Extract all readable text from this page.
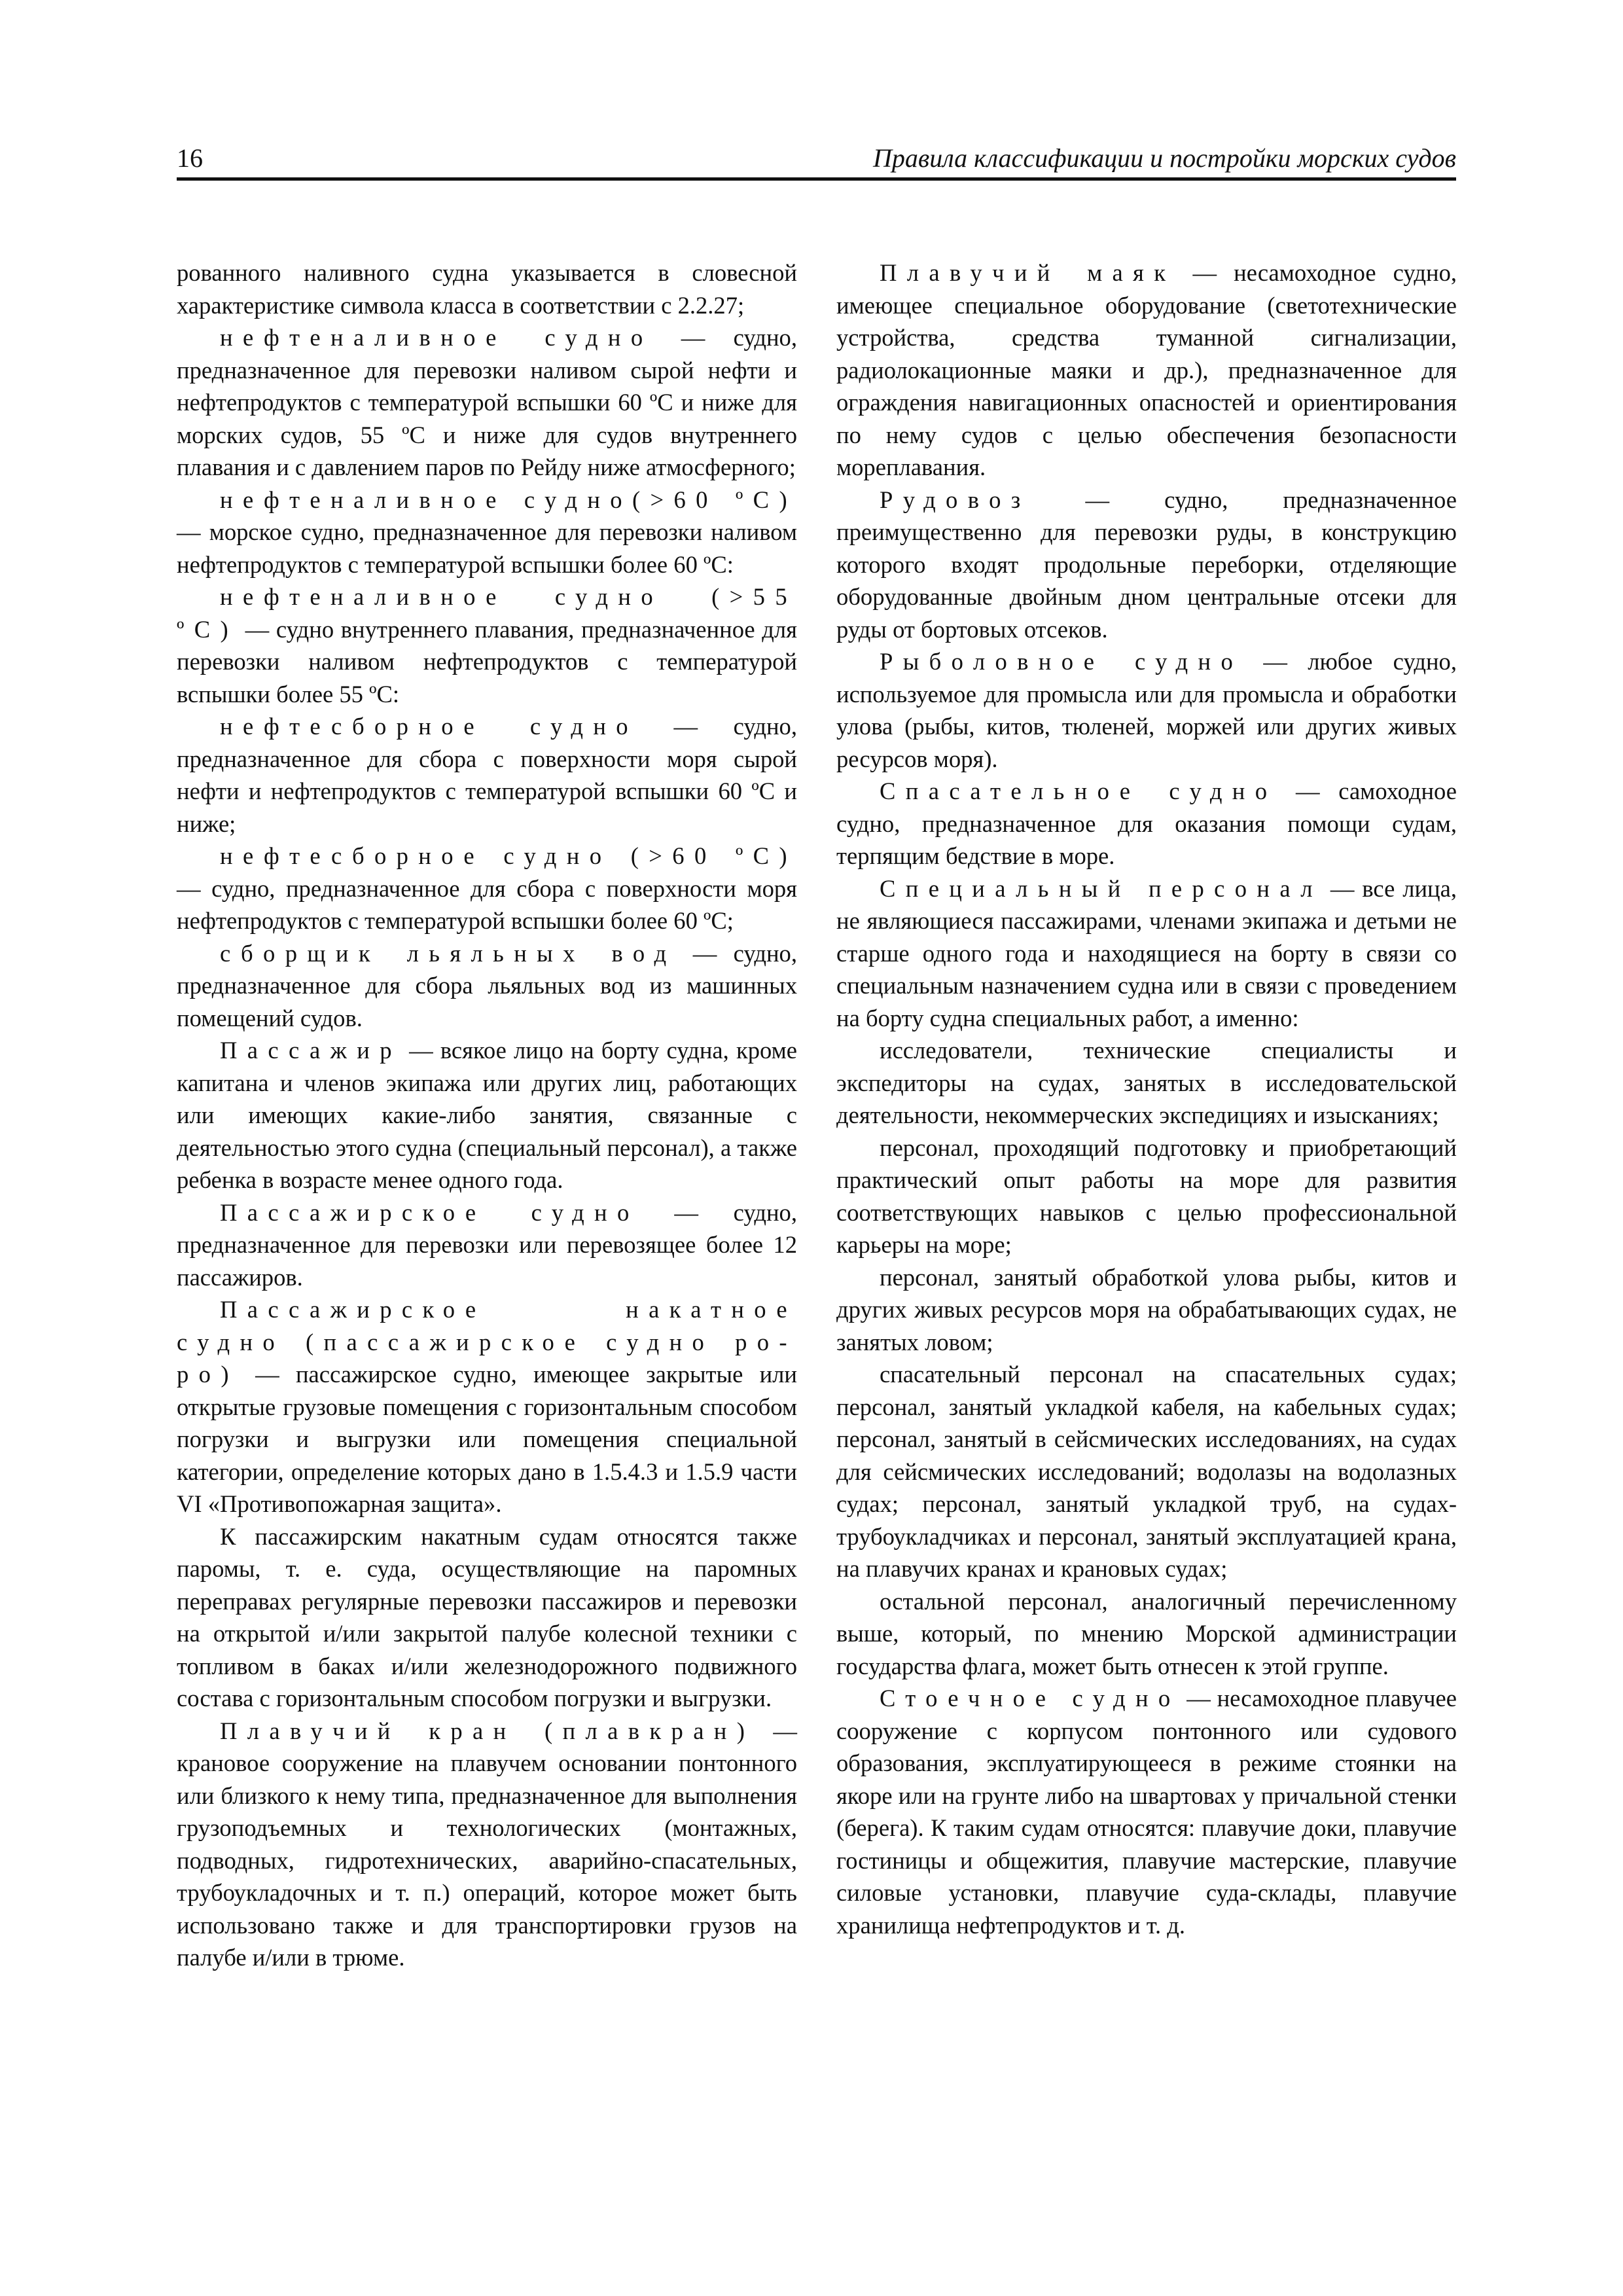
16	Правила классификации и постройки морских судов

рованного наливного судна указывается в словесной характеристике символа класса в соответствии с 2.2.27;

нефтеналивное судно — судно, предназначенное для перевозки наливом сырой нефти и нефтепродуктов с температурой вспышки 60 ºС и ниже для морских судов, 55 ºС и ниже для судов внутреннего плавания и с давлением паров по Рейду ниже атмосферного;

нефтеналивное судно(>60 ºС) — морское судно, предназначенное для перевозки наливом нефтепродуктов с температурой вспышки более 60 ºС:

нефтеналивное судно (>55 ºС) — судно внутреннего плавания, предназначенное для перевозки наливом нефтепродуктов с температурой вспышки более 55 ºС:

нефтесборное судно — судно, предназначенное для сбора с поверхности моря сырой нефти и нефтепродуктов с температурой вспышки 60 ºС и ниже;

нефтесборное судно (>60 ºС) — судно, предназначенное для сбора с поверхности моря нефтепродуктов с температурой вспышки более 60 ºС;

сборщик льяльных вод — судно, предназначенное для сбора льяльных вод из машинных помещений судов.

Пассажир — всякое лицо на борту судна, кроме капитана и членов экипажа или других лиц, работающих или имеющих какие-либо занятия, связанные с деятельностью этого судна (специальный персонал), а также ребенка в возрасте менее одного года.

Пассажирское судно — судно, предназначенное для перевозки или перевозящее более 12 пассажиров.

Пассажирское накатное судно (пассажирское судно ро-ро) — пассажирское судно, имеющее закрытые или открытые грузовые помещения с горизонтальным способом погрузки и выгрузки или помещения специальной категории, определение которых дано в 1.5.4.3 и 1.5.9 части VI «Противопожарная защита».

К пассажирским накатным судам относятся также паромы, т. е. суда, осуществляющие на паромных переправах регулярные перевозки пассажиров и перевозки на открытой и/или закрытой палубе колесной техники с топливом в баках и/или железнодорожного подвижного состава с горизонтальным способом погрузки и выгрузки.

Плавучий кран (плавкран) — крановое сооружение на плавучем основании понтонного или близкого к нему типа, предназначенное для выполнения грузоподъемных и технологических (монтажных, подводных, гидротехнических, аварийно-спасательных, трубоукладочных и т. п.) операций, которое может быть использовано также и для транспортировки грузов на палубе и/или в трюме.

Плавучий маяк — несамоходное судно, имеющее специальное оборудование (светотехнические устройства, средства туманной сигнализации, радиолокационные маяки и др.), предназначенное для ограждения навигационных опасностей и ориентирования по нему судов с целью обеспечения безопасности мореплавания.

Рудовоз — судно, предназначенное преимущественно для перевозки руды, в конструкцию которого входят продольные переборки, отделяющие оборудованные двойным дном центральные отсеки для руды от бортовых отсеков.

Рыболовное судно — любое судно, используемое для промысла или для промысла и обработки улова (рыбы, китов, тюленей, моржей или других живых ресурсов моря).

Спасательное судно — самоходное судно, предназначенное для оказания помощи судам, терпящим бедствие в море.

Специальный персонал — все лица, не являющиеся пассажирами, членами экипажа и детьми не старше одного года и находящиеся на борту в связи со специальным назначением судна или в связи с проведением на борту судна специальных работ, а именно:

исследователи, технические специалисты и экспедиторы на судах, занятых в исследовательской деятельности, некоммерческих экспедициях и изысканиях;

персонал, проходящий подготовку и приобретающий практический опыт работы на море для развития соответствующих навыков с целью профессиональной карьеры на море;

персонал, занятый обработкой улова рыбы, китов и других живых ресурсов моря на обрабатывающих судах, не занятых ловом;

спасательный персонал на спасательных судах; персонал, занятый укладкой кабеля, на кабельных судах; персонал, занятый в сейсмических исследованиях, на судах для сейсмических исследований; водолазы на водолазных судах; персонал, занятый укладкой труб, на судах-трубоукладчиках и персонал, занятый эксплуатацией крана, на плавучих кранах и крановых судах;

остальной персонал, аналогичный перечисленному выше, который, по мнению Морской администрации государства флага, может быть отнесен к этой группе.

Стоечное судно — несамоходное плавучее сооружение с корпусом понтонного или судового образования, эксплуатирующееся в режиме стоянки на якоре или на грунте либо на швартовах у причальной стенки (берега). К таким судам относятся: плавучие доки, плавучие гостиницы и общежития, плавучие мастерские, плавучие силовые установки, плавучие суда-склады, плавучие хранилища нефтепродуктов и т. д.
